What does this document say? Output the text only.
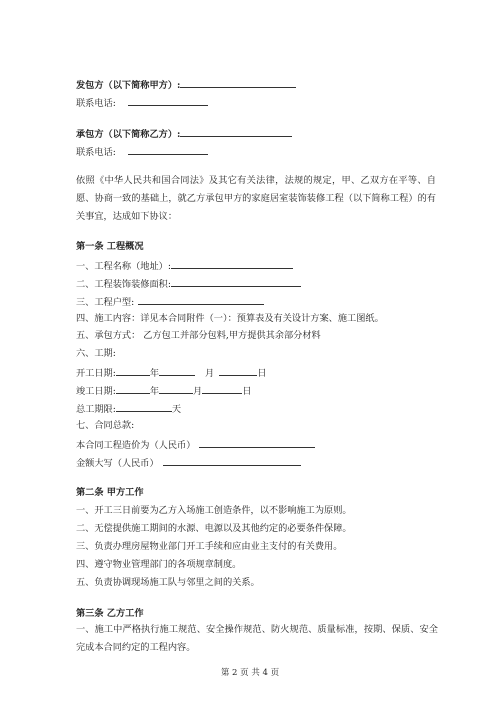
发包方（以下简称甲方）:
联系电话:
承包方（以下简称乙方）:
联系电话:
依照《中华人民共和国合同法》及其它有关法律，法规的规定，甲、乙双方在平等、自愿、协商一致的基础上，就乙方承包甲方的家庭居室装饰装修工程（以下简称工程）的有关事宜，达成如下协议：
第一条 工程概况
一、工程名称（地址）:
二、工程装饰装修面积:
三、工程户型:
四、施工内容：详见本合同附件（一）：预算表及有关设计方案、施工图纸。
五、承包方式： 乙方包工并部分包料,甲方提供其余部分材料
六、工期:
开工日期:	年	月	日
竣工日期:	年	月	日
总工期限:	天
七、合同总款:
本合同工程造价为（人民币）
金额大写（人民币）
第二条 甲方工作
一、开工三日前要为乙方入场施工创造条件，以不影响施工为原则。
二、无偿提供施工期间的水源、电源以及其他约定的必要条件保障。
三、负责办理房屋物业部门开工手续和应由业主支付的有关费用。
四、遵守物业管理部门的各项规章制度。
五、负责协调现场施工队与邻里之间的关系。
第三条 乙方工作
一、施工中严格执行施工规范、安全操作规范、防火规范、质量标准，按期、保质、安全完成本合同约定的工程内容。
第 2 页 共 4 页
